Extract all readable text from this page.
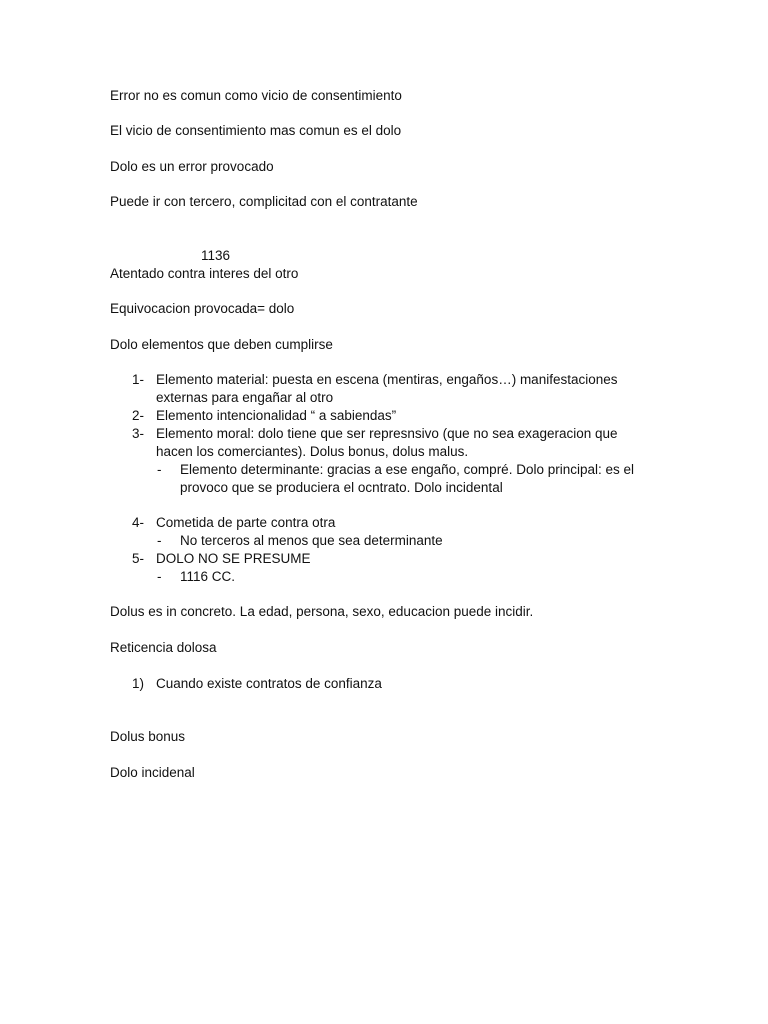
Error no es comun como vicio de consentimiento
El vicio de consentimiento mas comun es el dolo
Dolo es un error provocado
Puede ir con tercero, complicitad con el contratante
1136
Atentado contra interes del otro
Equivocacion provocada= dolo
Dolo elementos que deben cumplirse
1- Elemento material: puesta en escena (mentiras, engaños…) manifestaciones
externas para engañar al otro
2- Elemento intencionalidad “ a sabiendas”
3- Elemento moral: dolo tiene que ser represnsivo (que no sea exageracion que
hacen los comerciantes). Dolus bonus, dolus malus.
- Elemento determinante: gracias a ese engaño, compré. Dolo principal: es el
provoco que se produciera el ocntrato. Dolo incidental
4- Cometida de parte contra otra
- No terceros al menos que sea determinante
5- DOLO NO SE PRESUME
- 1116 CC.
Dolus es in concreto. La edad, persona, sexo, educacion puede incidir.
Reticencia dolosa
1) Cuando existe contratos de confianza
Dolus bonus
Dolo incidenal
